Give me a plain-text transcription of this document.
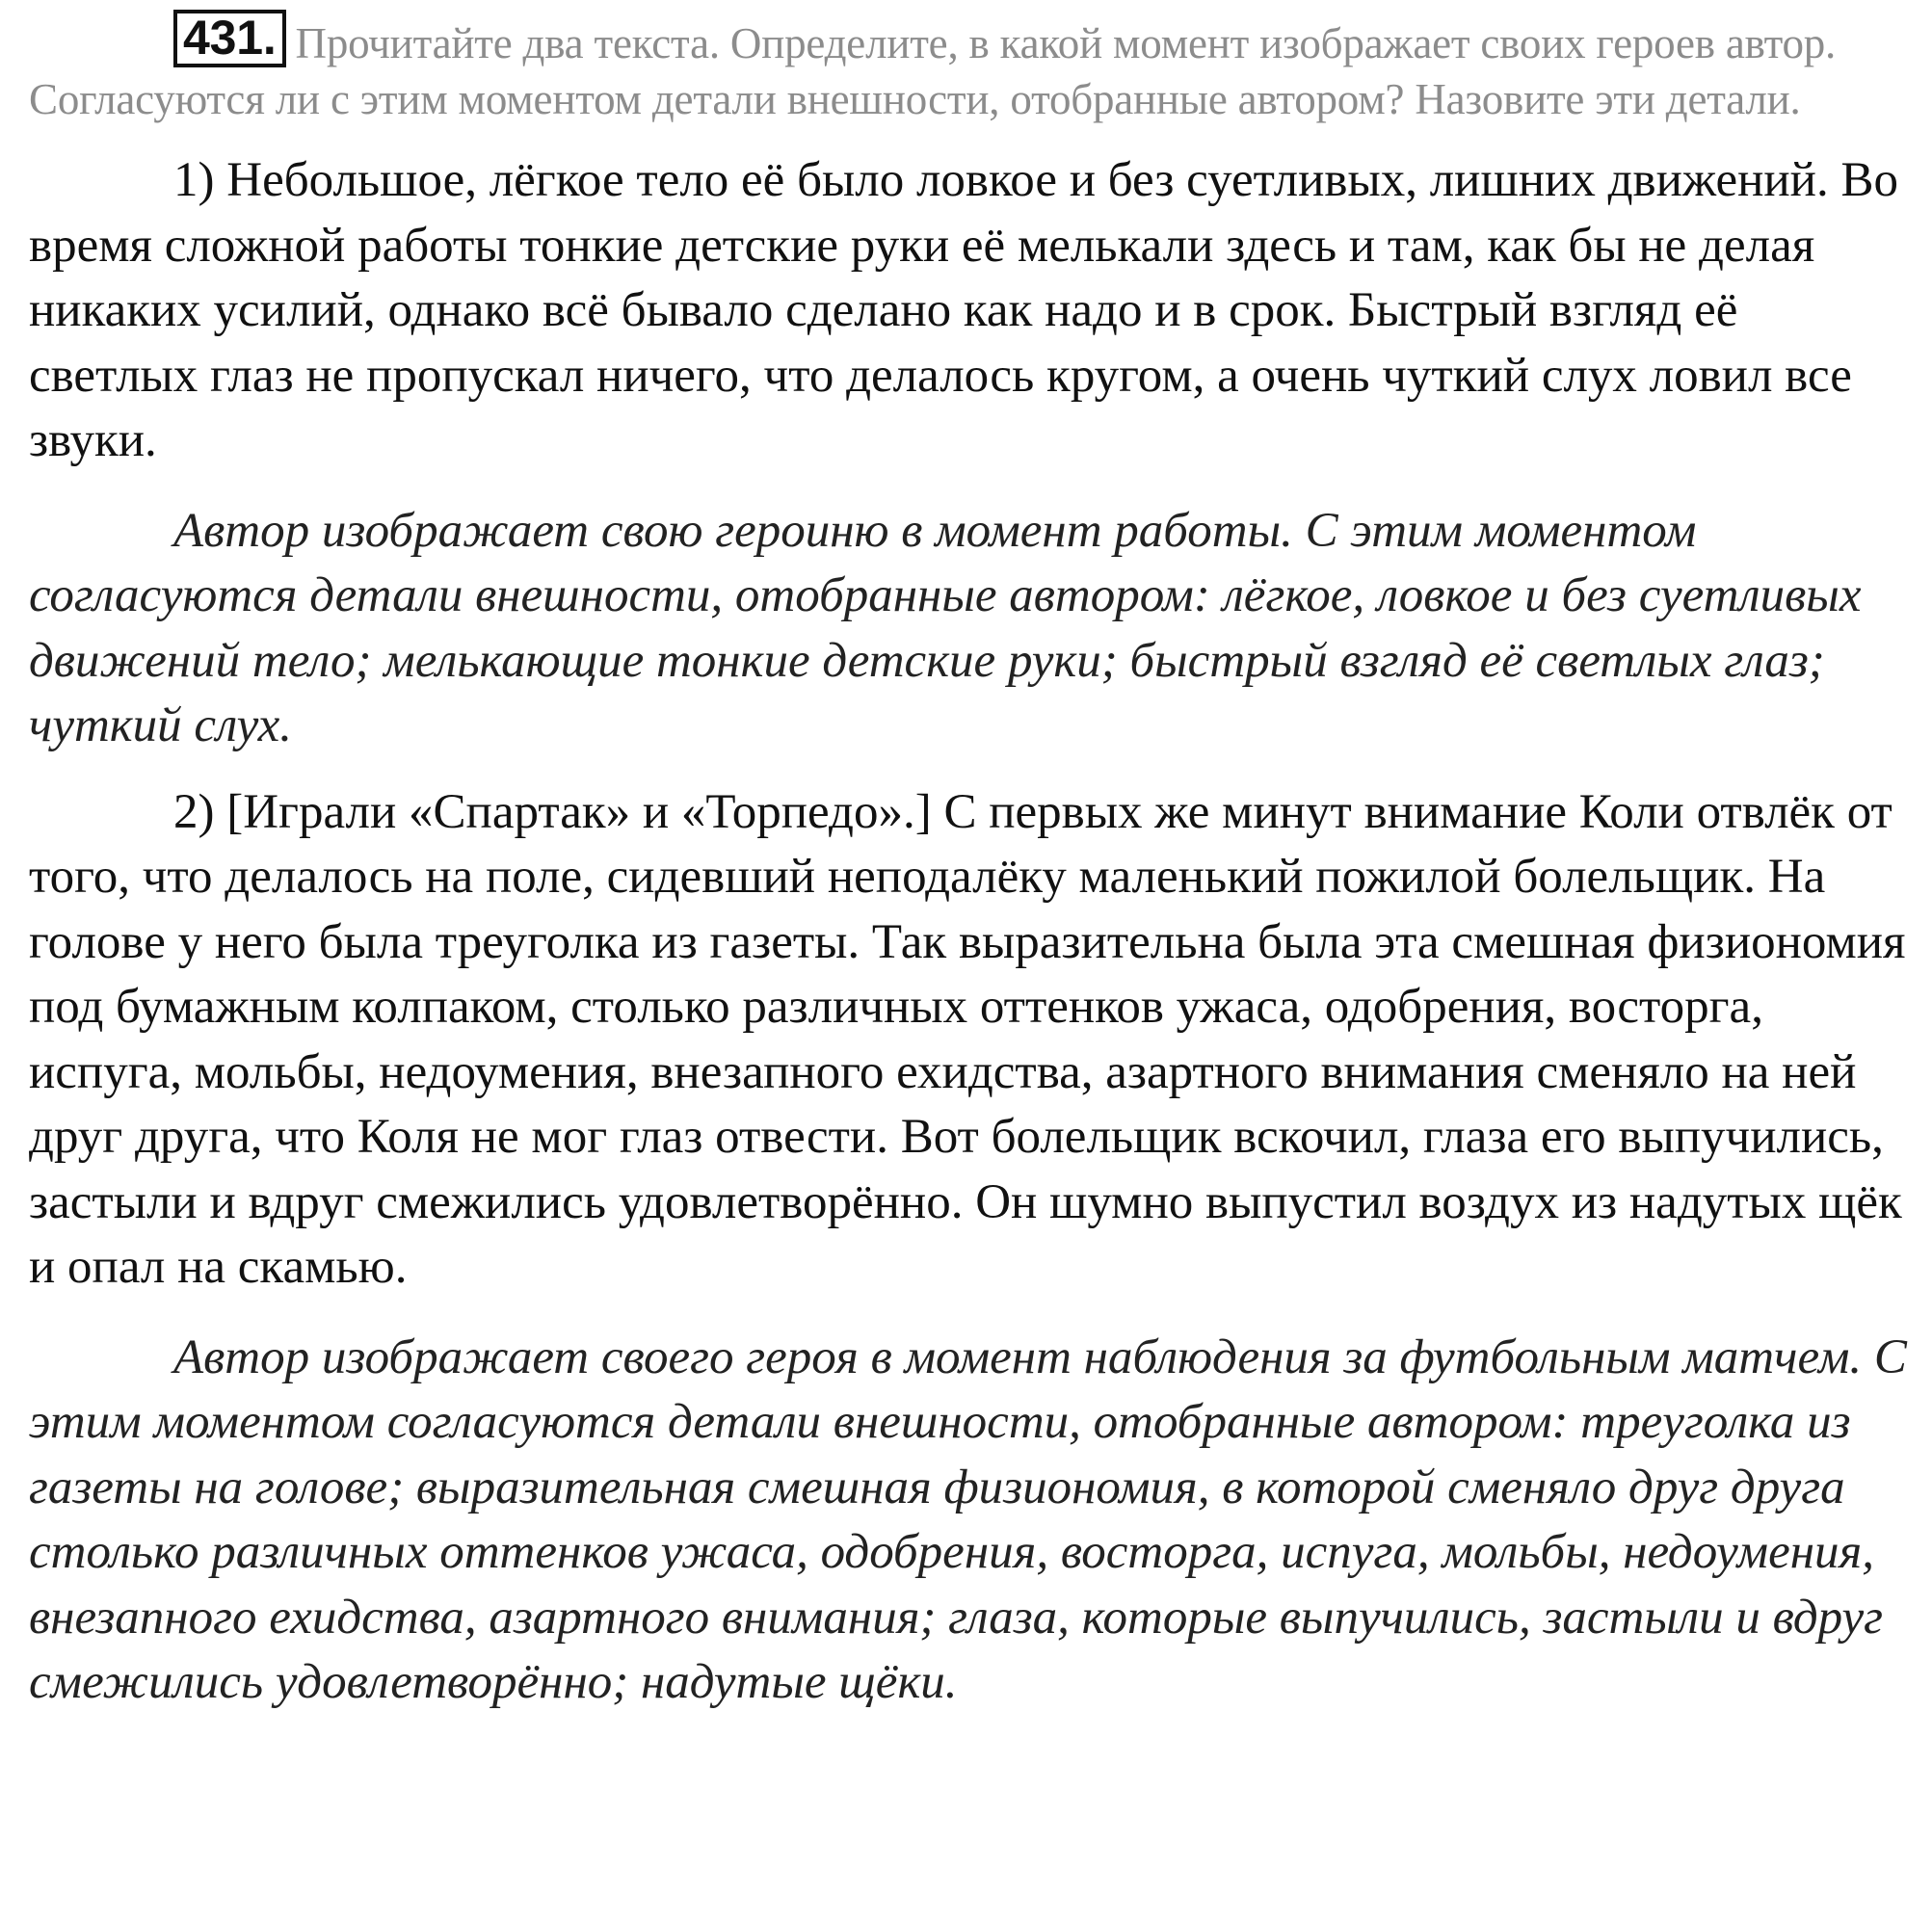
431. Прочитайте два текста. Определите, в какой момент изображает своих героев автор. Согласуются ли с этим моментом детали внешности, отобранные автором? Назовите эти детали.

1) Небольшое, лёгкое тело её было ловкое и без суетливых, лишних движений. Во время сложной работы тонкие детские руки её мелькали здесь и там, как бы не делая никаких усилий, однако всё бывало сделано как надо и в срок. Быстрый взгляд её светлых глаз не пропускал ничего, что делалось кругом, а очень чуткий слух ловил все звуки.

Автор изображает свою героиню в момент работы. С этим моментом согласуются детали внешности, отобранные автором: лёгкое, ловкое и без суетливых движений тело; мелькающие тонкие детские руки; быстрый взгляд её светлых глаз; чуткий слух.

2) [Играли «Спартак» и «Торпедо».] С первых же минут внимание Коли отвлёк от того, что делалось на поле, сидевший неподалёку маленький пожилой болельщик. На голове у него была треуголка из газеты. Так выразительна была эта смешная физиономия под бумажным колпаком, столько различных оттенков ужаса, одобрения, восторга, испуга, мольбы, недоумения, внезапного ехидства, азартного внимания сменяло на ней друг друга, что Коля не мог глаз отвести. Вот болельщик вскочил, глаза его выпучились, застыли и вдруг смежились удовлетворённо. Он шумно выпустил воздух из надутых щёк и опал на скамью.

Автор изображает своего героя в момент наблюдения за футбольным матчем. С этим моментом согласуются детали внешности, отобранные автором: треуголка из газеты на голове; выразительная смешная физиономия, в которой сменяло друг друга столько различных оттенков ужаса, одобрения, восторга, испуга, мольбы, недоумения, внезапного ехидства, азартного внимания; глаза, которые выпучились, застыли и вдруг смежились удовлетворённо; надутые щёки.
